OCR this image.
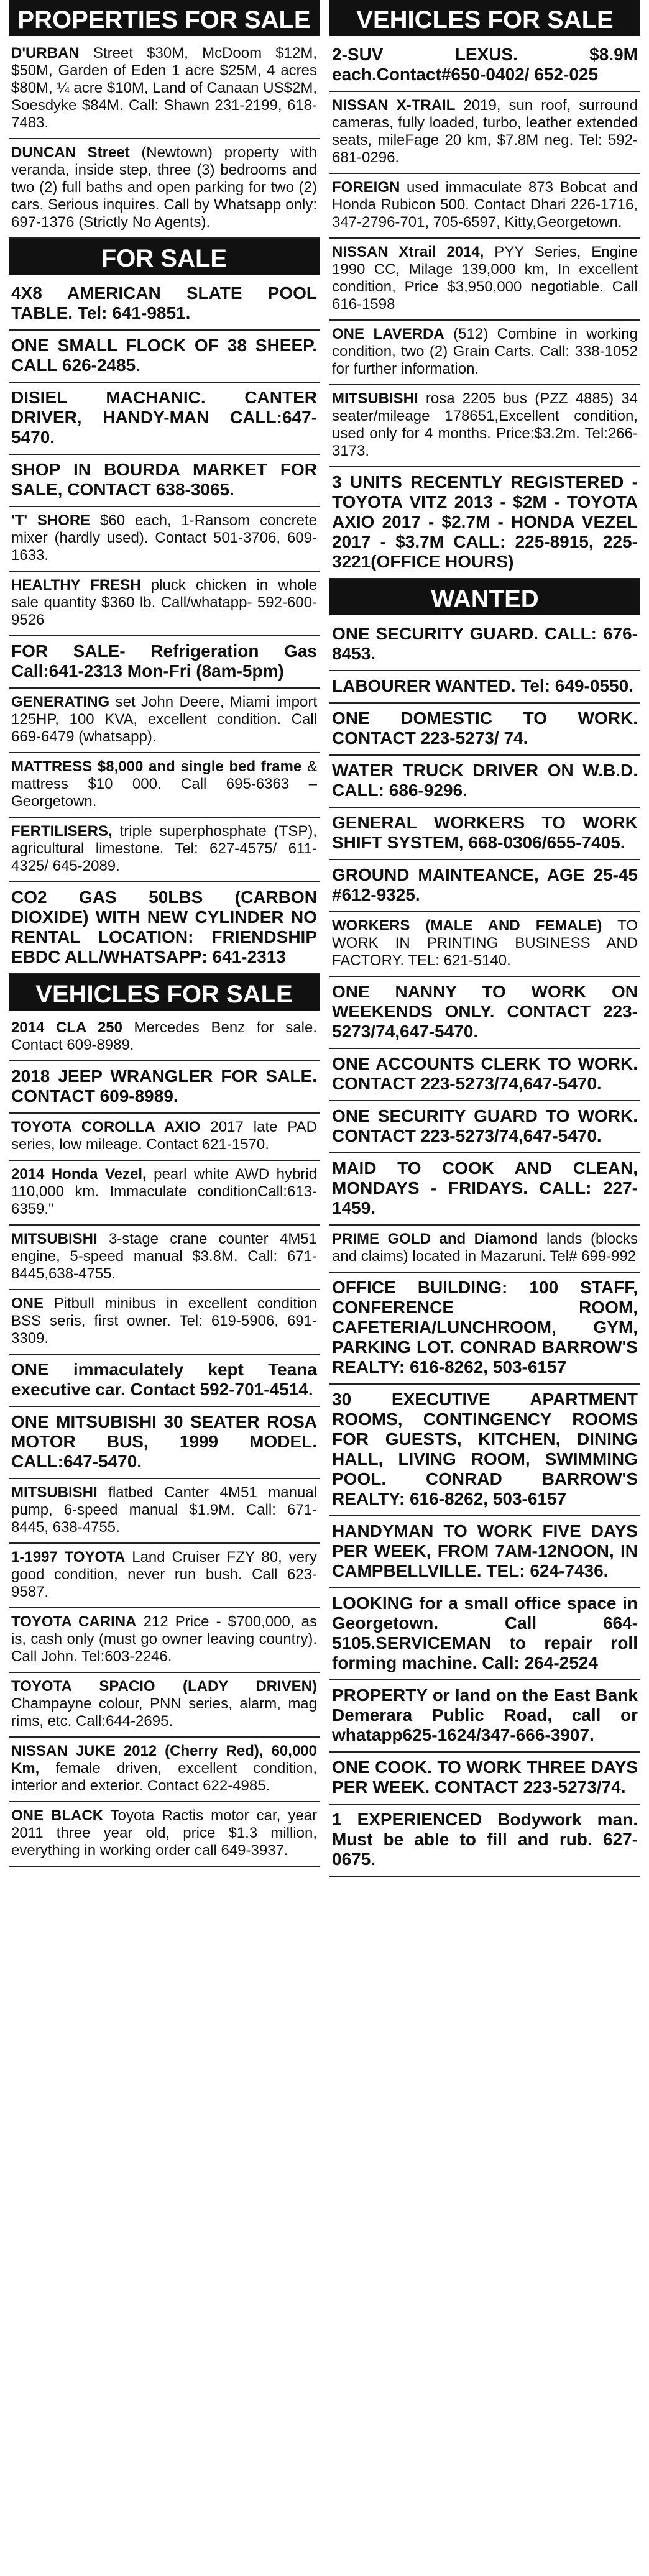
PROPERTIES FOR SALE
D'URBAN Street $30M, McDoom $12M, $50M, Garden of Eden 1 acre $25M, 4 acres $80M, ¼ acre $10M, Land of Canaan US$2M, Soesdyke $84M. Call: Shawn 231-2199, 618-7483.
DUNCAN Street (Newtown) property with veranda, inside step, three (3) bedrooms and two (2) full baths and open parking for two (2) cars. Serious inquires. Call by Whatsapp only: 697-1376 (Strictly No Agents).
FOR SALE
4X8 AMERICAN SLATE POOL TABLE. Tel: 641-9851.
ONE SMALL FLOCK OF 38 SHEEP. CALL 626-2485.
DISIEL MACHANIC. CANTER DRIVER, HANDY-MAN CALL:647-5470.
SHOP IN BOURDA MARKET FOR SALE, CONTACT 638-3065.
'T' SHORE $60 each, 1-Ransom concrete mixer (hardly used). Contact 501-3706, 609-1633.
HEALTHY FRESH pluck chicken in whole sale quantity $360 lb. Call/whatapp- 592-600-9526
FOR SALE- Refrigeration Gas Call:641-2313 Mon-Fri (8am-5pm)
GENERATING set John Deere, Miami import 125HP, 100 KVA, excellent condition. Call 669-6479 (whatsapp).
MATTRESS $8,000 and single bed frame & mattress $10 000. Call 695-6363 – Georgetown.
FERTILISERS, triple superphosphate (TSP), agricultural limestone. Tel: 627-4575/ 611-4325/ 645-2089.
CO2 GAS 50LBS (CARBON DIOXIDE) WITH NEW CYLINDER NO RENTAL LOCATION: FRIENDSHIP EBDC ALL/WHATSAPP: 641-2313
VEHICLES FOR SALE
2014 CLA 250 Mercedes Benz for sale. Contact 609-8989.
2018 JEEP WRANGLER FOR SALE. CONTACT 609-8989.
TOYOTA COROLLA AXIO 2017 late PAD series, low mileage. Contact 621-1570.
2014 Honda Vezel, pearl white AWD hybrid 110,000 km. Immaculate conditionCall:613-6359."
MITSUBISHI 3-stage crane counter 4M51 engine, 5-speed manual $3.8M. Call: 671-8445,638-4755.
ONE Pitbull minibus in excellent condition BSS seris, first owner. Tel: 619-5906, 691-3309.
ONE immaculately kept Teana executive car. Contact 592-701-4514.
ONE MITSUBISHI 30 SEATER ROSA MOTOR BUS, 1999 MODEL. CALL:647-5470.
MITSUBISHI flatbed Canter 4M51 manual pump, 6-speed manual $1.9M. Call: 671-8445, 638-4755.
1-1997 TOYOTA Land Cruiser FZY 80, very good condition, never run bush. Call 623-9587.
TOYOTA CARINA 212 Price - $700,000, as is, cash only (must go owner leaving country). Call John. Tel:603-2246.
TOYOTA SPACIO (LADY DRIVEN) Champayne colour, PNN series, alarm, mag rims, etc. Call:644-2695.
NISSAN JUKE 2012 (Cherry Red), 60,000 Km, female driven, excellent condition, interior and exterior. Contact 622-4985.
ONE BLACK Toyota Ractis motor car, year 2011 three year old, price $1.3 million, everything in working order call 649-3937.
VEHICLES FOR SALE
2-SUV LEXUS. $8.9M each.Contact#650-0402/ 652-025
NISSAN X-TRAIL 2019, sun roof, surround cameras, fully loaded, turbo, leather extended seats, mileFage 20 km, $7.8M neg. Tel: 592-681-0296.
FOREIGN used immaculate 873 Bobcat and Honda Rubicon 500. Contact Dhari 226-1716, 347-2796-701, 705-6597, Kitty,Georgetown.
NISSAN Xtrail 2014, PYY Series, Engine 1990 CC, Milage 139,000 km, In excellent condition, Price $3,950,000 negotiable. Call 616-1598
ONE LAVERDA (512) Combine in working condition, two (2) Grain Carts. Call: 338-1052 for further information.
MITSUBISHI rosa 2205 bus (PZZ 4885) 34 seater/mileage 178651,Excellent condition, used only for 4 months. Price:$3.2m. Tel:266-3173.
3 UNITS RECENTLY REGISTERED - TOYOTA VITZ 2013 - $2M - TOYOTA AXIO 2017 - $2.7M - HONDA VEZEL 2017 - $3.7M CALL: 225-8915, 225-3221(OFFICE HOURS)
WANTED
ONE SECURITY GUARD. CALL: 676-8453.
LABOURER WANTED. Tel: 649-0550.
ONE DOMESTIC TO WORK. CONTACT 223-5273/ 74.
WATER TRUCK DRIVER ON W.B.D. CALL: 686-9296.
GENERAL WORKERS TO WORK SHIFT SYSTEM, 668-0306/655-7405.
GROUND MAINTEANCE, AGE 25-45 #612-9325.
WORKERS (MALE AND FEMALE) TO WORK IN PRINTING BUSINESS AND FACTORY. TEL: 621-5140.
ONE NANNY TO WORK ON WEEKENDS ONLY. CONTACT 223-5273/74,647-5470.
ONE ACCOUNTS CLERK TO WORK. CONTACT 223-5273/74,647-5470.
ONE SECURITY GUARD TO WORK. CONTACT 223-5273/74,647-5470.
MAID TO COOK AND CLEAN, MONDAYS - FRIDAYS. CALL: 227-1459.
PRIME GOLD and Diamond lands (blocks and claims) located in Mazaruni. Tel# 699-992
OFFICE BUILDING: 100 STAFF, CONFERENCE ROOM, CAFETERIA/LUNCHROOM, GYM, PARKING LOT. CONRAD BARROW'S REALTY: 616-8262, 503-6157
30 EXECUTIVE APARTMENT ROOMS, CONTINGENCY ROOMS FOR GUESTS, KITCHEN, DINING HALL, LIVING ROOM, SWIMMING POOL. CONRAD BARROW'S REALTY: 616-8262, 503-6157
HANDYMAN TO WORK FIVE DAYS PER WEEK, FROM 7AM-12NOON, IN CAMPBELLVILLE. TEL: 624-7436.
LOOKING for a small office space in Georgetown. Call 664-5105.SERVICEMAN to repair roll forming machine. Call: 264-2524
PROPERTY or land on the East Bank Demerara Public Road, call or whatapp625-1624/347-666-3907.
ONE COOK. TO WORK THREE DAYS PER WEEK. CONTACT 223-5273/74.
1 EXPERIENCED Bodywork man. Must be able to fill and rub. 627-0675.
